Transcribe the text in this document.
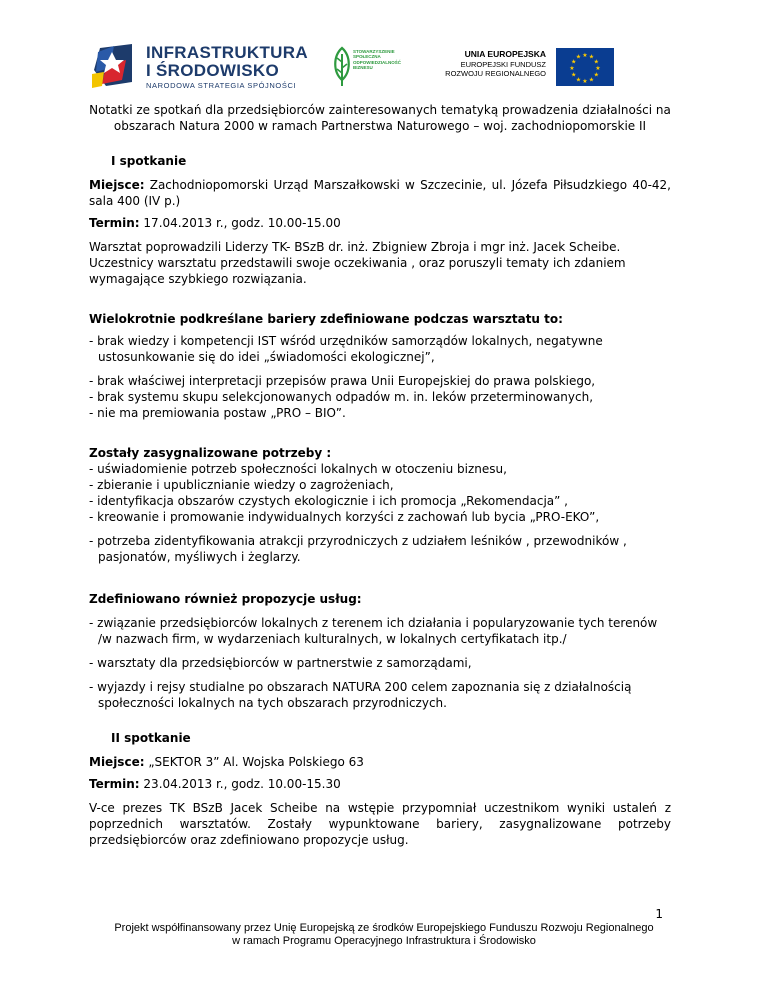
INFRASTRUKTURA
I ŚRODOWISKO
NARODOWA STRATEGIA SPÓJNOŚCI
STOWARZYSZENIE
SPOŁECZNA
ODPOWIEDZIALNOŚĆ
BIZNESU
UNIA EUROPEJSKA
EUROPEJSKI FUNDUSZ
ROZWOJU REGIONALNEGO
★ ★
★
★
★
★
★
★
★
★
★
★

Notatki ze spotkań dla przedsiębiorców zainteresowanych tematyką prowadzenia działalności na obszarach Natura 2000 w ramach Partnerstwa Naturowego – woj. zachodniopomorskie II

I spotkanie

Miejsce: Zachodniopomorski Urząd Marszałkowski w Szczecinie, ul. Józefa Piłsudzkiego 40-42, sala 400 (IV p.)

Termin: 17.04.2013 r., godz. 10.00-15.00

Warsztat poprowadzili Liderzy TK- BSzB dr. inż. Zbigniew Zbroja i mgr inż. Jacek Scheibe.
Uczestnicy warsztatu przedstawili swoje oczekiwania , oraz poruszyli tematy ich zdaniem
wymagające szybkiego rozwiązania.

Wielokrotnie podkreślane bariery zdefiniowane podczas warsztatu to:

- brak wiedzy i kompetencji IST wśród urzędników samorządów lokalnych, negatywne
ustosunkowanie się do idei „świadomości ekologicznej”,

- brak właściwej interpretacji przepisów prawa Unii Europejskiej do prawa polskiego,
- brak systemu skupu selekcjonowanych odpadów m. in. leków przeterminowanych,
- nie ma premiowania postaw „PRO – BIO”.

Zostały zasygnalizowane potrzeby :

- uświadomienie potrzeb społeczności lokalnych w otoczeniu biznesu,
- zbieranie i upublicznianie wiedzy o zagrożeniach,
- identyfikacja obszarów czystych ekologicznie i ich promocja „Rekomendacja” ,
- kreowanie i promowanie indywidualnych korzyści z zachowań lub bycia „PRO-EKO”,

- potrzeba zidentyfikowania atrakcji przyrodniczych z udziałem leśników , przewodników ,
pasjonatów, myśliwych i żeglarzy.

Zdefiniowano również propozycje usług:

- związanie przedsiębiorców lokalnych z terenem ich działania i popularyzowanie tych terenów
/w nazwach firm, w wydarzeniach kulturalnych, w lokalnych certyfikatach itp./

- warsztaty dla przedsiębiorców w partnerstwie z samorządami,

- wyjazdy i rejsy studialne po obszarach NATURA 200 celem zapoznania się z działalnością
społeczności lokalnych na tych obszarach przyrodniczych.

II spotkanie

Miejsce: „SEKTOR 3” Al. Wojska Polskiego 63

Termin: 23.04.2013 r., godz. 10.00-15.30

V-ce prezes TK BSzB Jacek Scheibe na wstępie przypomniał uczestnikom wyniki ustaleń z poprzednich warsztatów. Zostały wypunktowane bariery, zasygnalizowane potrzeby przedsiębiorców oraz zdefiniowano propozycje usług.

1
Projekt współfinansowany przez Unię Europejską ze środków Europejskiego Funduszu Rozwoju Regionalnego
w ramach Programu Operacyjnego Infrastruktura i Środowisko
